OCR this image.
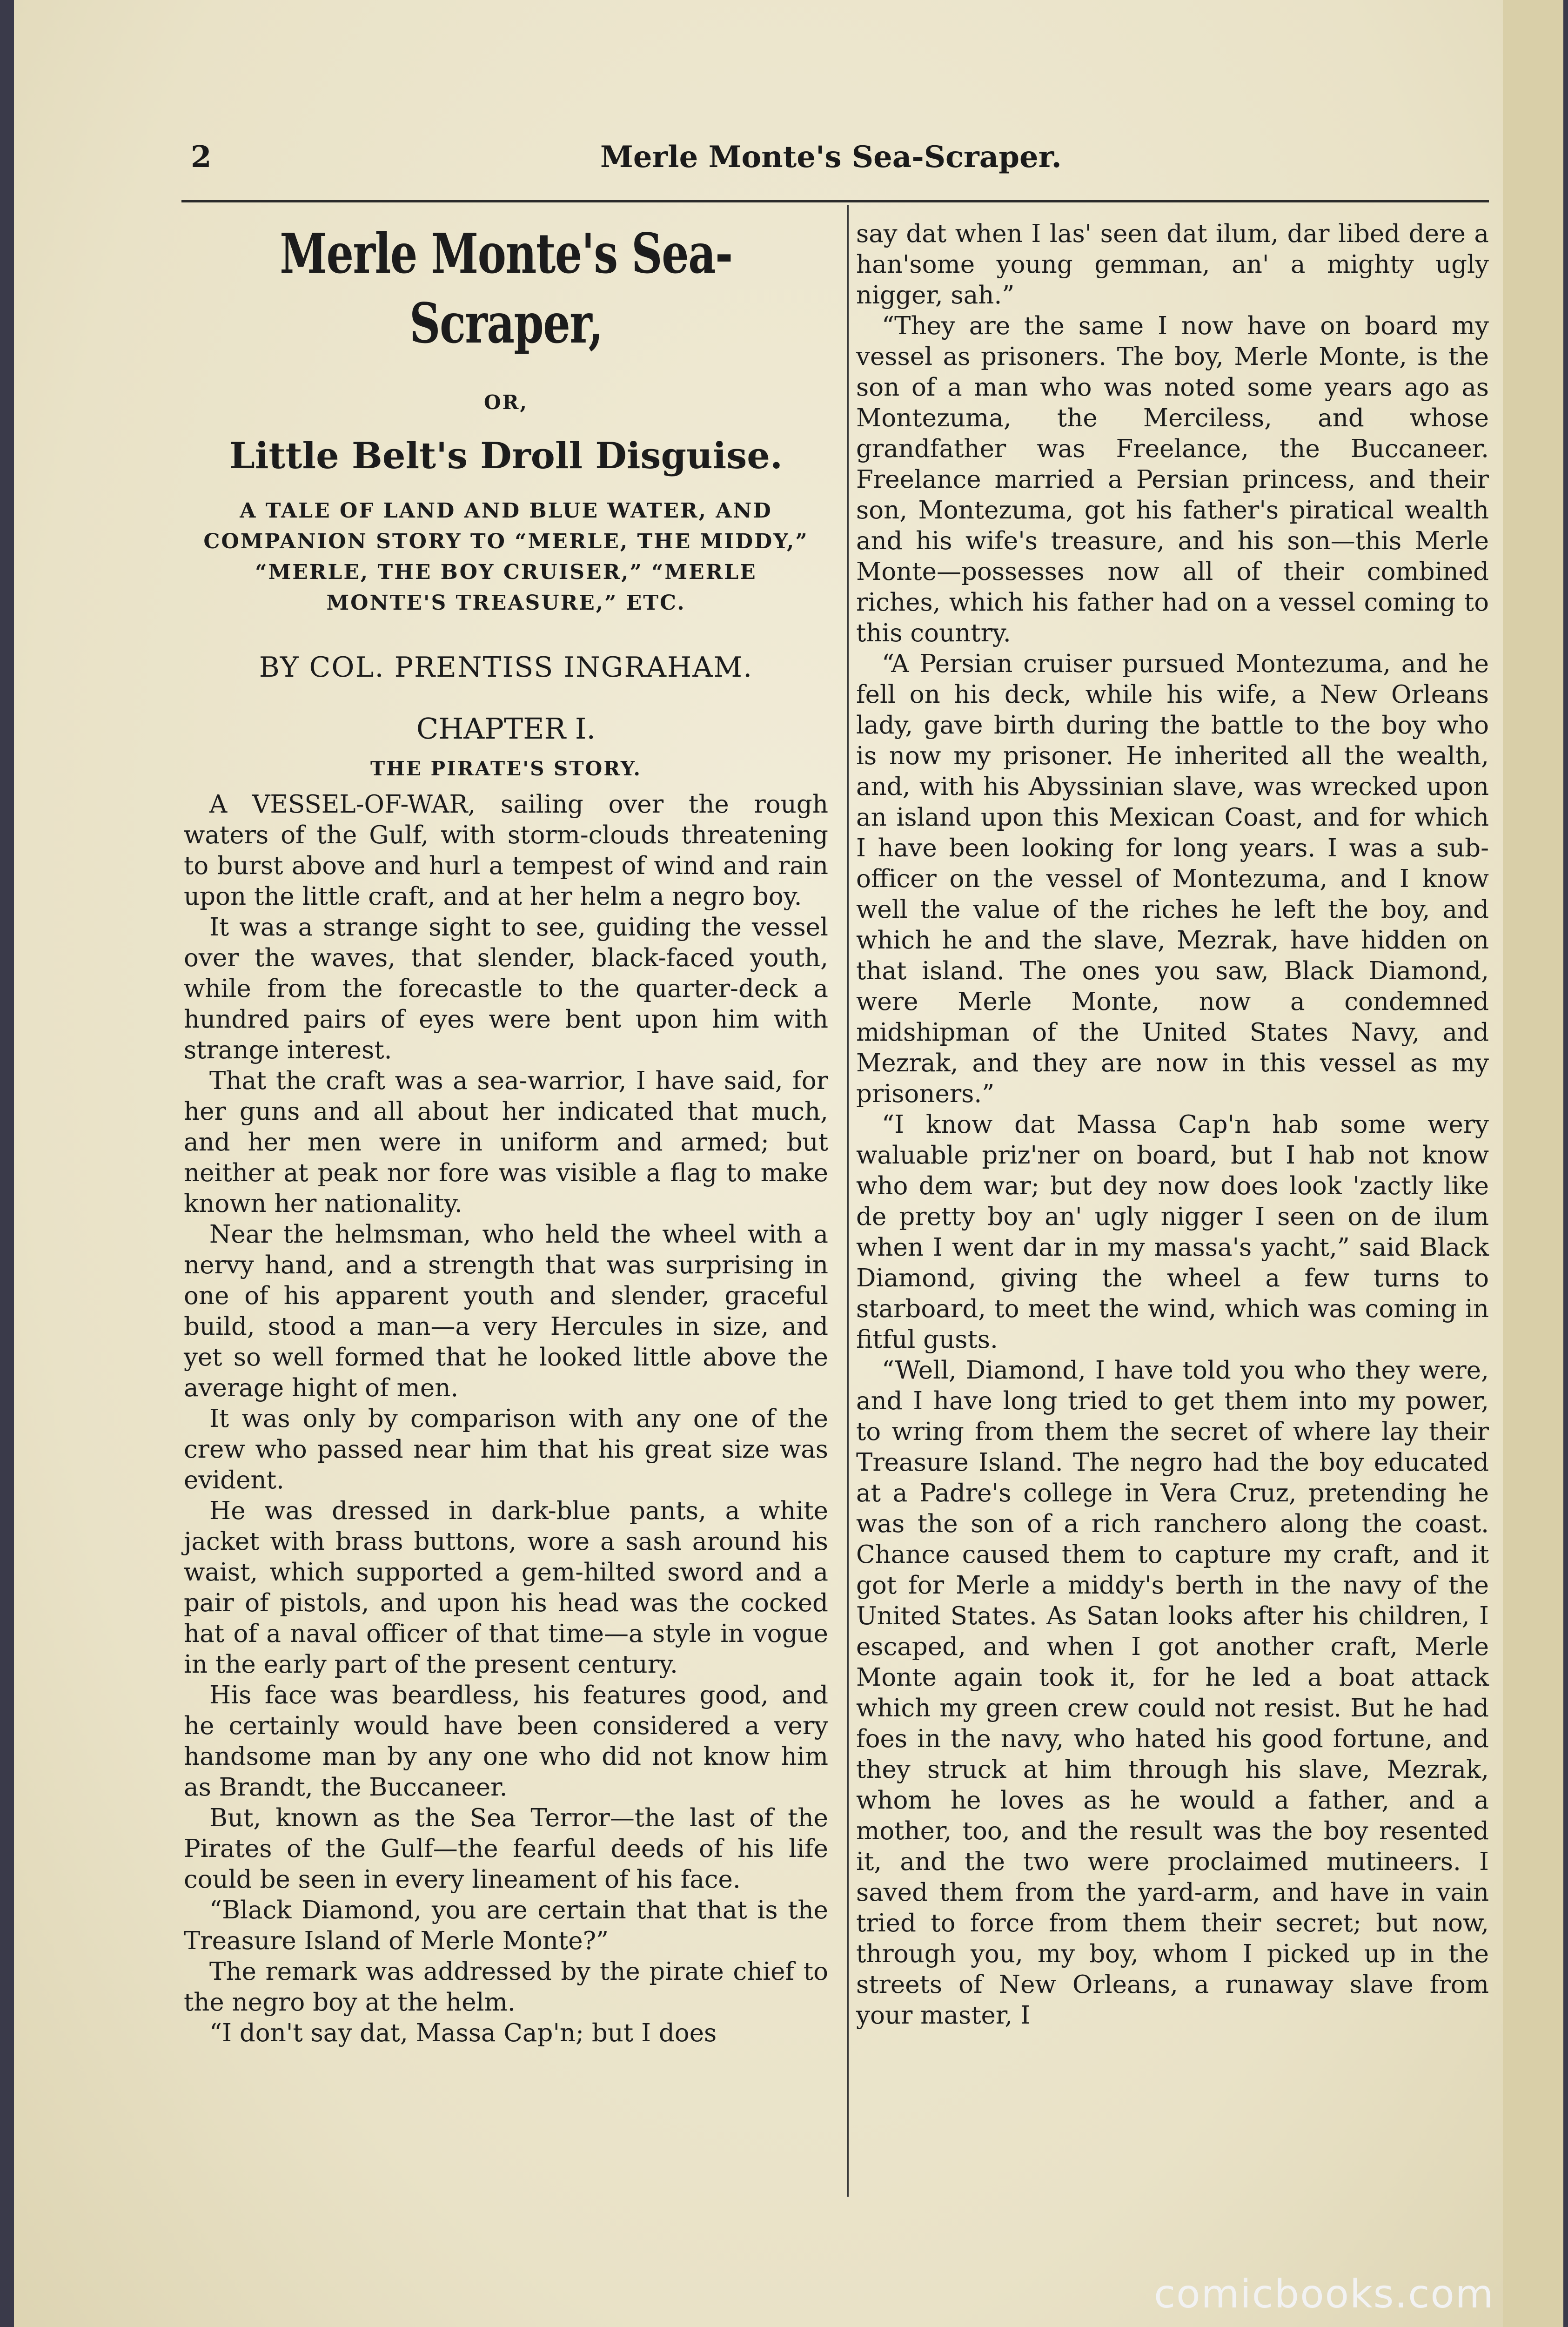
2	Merle Monte's Sea-Scraper.
Merle Monte's Sea-Scraper,
OR,
Little Belt's Droll Disguise.
A TALE OF LAND AND BLUE WATER, AND COMPANION STORY TO “MERLE, THE MIDDY,” “MERLE, THE BOY CRUISER,” “MERLE MONTE'S TREASURE,” ETC.
BY COL. PRENTISS INGRAHAM.
CHAPTER I.
THE PIRATE'S STORY.

A VESSEL-OF-WAR, sailing over the rough waters of the Gulf, with storm-clouds threatening to burst above and hurl a tempest of wind and rain upon the little craft, and at her helm a negro boy.

It was a strange sight to see, guiding the vessel over the waves, that slender, black-faced youth, while from the forecastle to the quarter-deck a hundred pairs of eyes were bent upon him with strange interest.

That the craft was a sea-warrior, I have said, for her guns and all about her indicated that much, and her men were in uniform and armed; but neither at peak nor fore was visible a flag to make known her nationality.

Near the helmsman, who held the wheel with a nervy hand, and a strength that was surprising in one of his apparent youth and slender, graceful build, stood a man—a very Hercules in size, and yet so well formed that he looked little above the average hight of men.

It was only by comparison with any one of the crew who passed near him that his great size was evident.

He was dressed in dark-blue pants, a white jacket with brass buttons, wore a sash around his waist, which supported a gem-hilted sword and a pair of pistols, and upon his head was the cocked hat of a naval officer of that time—a style in vogue in the early part of the present century.

His face was beardless, his features good, and he certainly would have been considered a very handsome man by any one who did not know him as Brandt, the Buccaneer.

But, known as the Sea Terror—the last of the Pirates of the Gulf—the fearful deeds of his life could be seen in every lineament of his face.

“Black Diamond, you are certain that that is the Treasure Island of Merle Monte?”

The remark was addressed by the pirate chief to the negro boy at the helm.

“I don't say dat, Massa Cap'n; but I does

say dat when I las' seen dat ilum, dar libed dere a han'some young gemman, an' a mighty ugly nigger, sah.”

“They are the same I now have on board my vessel as prisoners. The boy, Merle Monte, is the son of a man who was noted some years ago as Montezuma, the Merciless, and whose grandfather was Freelance, the Buccaneer. Freelance married a Persian princess, and their son, Montezuma, got his father's piratical wealth and his wife's treasure, and his son—this Merle Monte—possesses now all of their combined riches, which his father had on a vessel coming to this country.

“A Persian cruiser pursued Montezuma, and he fell on his deck, while his wife, a New Orleans lady, gave birth during the battle to the boy who is now my prisoner. He inherited all the wealth, and, with his Abyssinian slave, was wrecked upon an island upon this Mexican Coast, and for which I have been looking for long years. I was a sub-officer on the vessel of Montezuma, and I know well the value of the riches he left the boy, and which he and the slave, Mezrak, have hidden on that island. The ones you saw, Black Diamond, were Merle Monte, now a condemned midshipman of the United States Navy, and Mezrak, and they are now in this vessel as my prisoners.”

“I know dat Massa Cap'n hab some wery waluable priz'ner on board, but I hab not know who dem war; but dey now does look 'zactly like de pretty boy an' ugly nigger I seen on de ilum when I went dar in my massa's yacht,” said Black Diamond, giving the wheel a few turns to starboard, to meet the wind, which was coming in fitful gusts.

“Well, Diamond, I have told you who they were, and I have long tried to get them into my power, to wring from them the secret of where lay their Treasure Island. The negro had the boy educated at a Padre's college in Vera Cruz, pretending he was the son of a rich ranchero along the coast. Chance caused them to capture my craft, and it got for Merle a middy's berth in the navy of the United States. As Satan looks after his children, I escaped, and when I got another craft, Merle Monte again took it, for he led a boat attack which my green crew could not resist. But he had foes in the navy, who hated his good fortune, and they struck at him through his slave, Mezrak, whom he loves as he would a father, and a mother, too, and the result was the boy resented it, and the two were proclaimed mutineers. I saved them from the yard-arm, and have in vain tried to force from them their secret; but now, through you, my boy, whom I picked up in the streets of New Orleans, a runaway slave from your master, I

comicbooks.com
